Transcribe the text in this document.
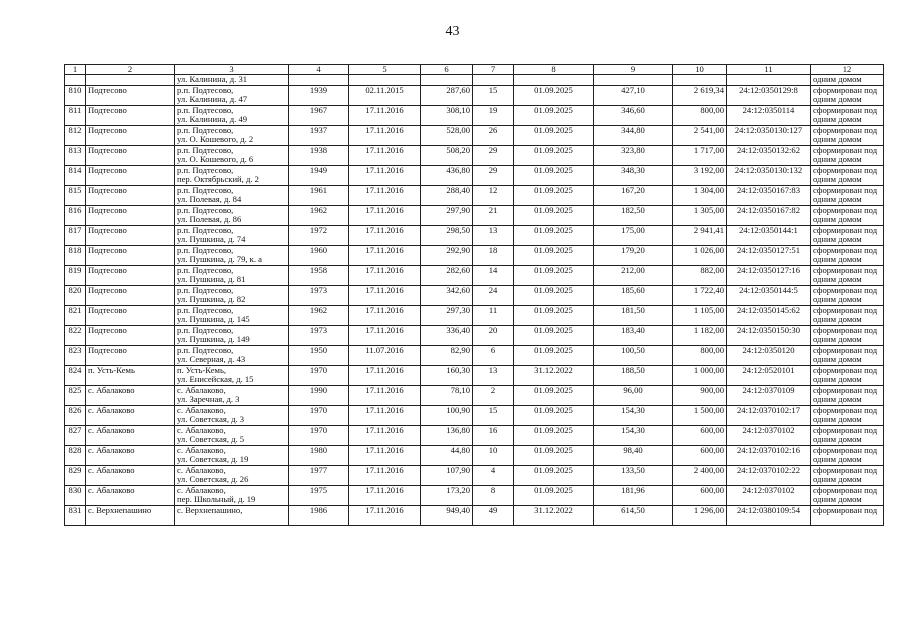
43
1	2	3	4	5	6	7	8	9	10	11	12
		ул. Калинина, д. 31									одним домом
810	Подтесово	р.п. Подтесово,
ул. Калинина, д. 47	1939	02.11.2015	287,60	15	01.09.2025	427,10	2 619,34	24:12:0350129:8	сформирован под
одним домом

811	Подтесово	р.п. Подтесово,
ул. Калинина, д. 49	1967	17.11.2016	308,10	19	01.09.2025	346,60	800,00	24:12:0350114	сформирован под
одним домом

812	Подтесово	р.п. Подтесово,
ул. О. Кошевого, д. 2	1937	17.11.2016	528,00	26	01.09.2025	344,80	2 541,00	24:12:0350130:127	сформирован под
одним домом

813	Подтесово	р.п. Подтесово,
ул. О. Кошевого, д. 6	1938	17.11.2016	508,20	29	01.09.2025	323,80	1 717,00	24:12:0350132:62	сформирован под
одним домом

814	Подтесово	р.п. Подтесово,
пер. Октябрьский, д. 2	1949	17.11.2016	436,80	29	01.09.2025	348,30	3 192,00	24:12:0350130:132	сформирован под
одним домом

815	Подтесово	р.п. Подтесово,
ул. Полевая, д. 84	1961	17.11.2016	288,40	12	01.09.2025	167,20	1 304,00	24:12:0350167:83	сформирован под
одним домом

816	Подтесово	р.п. Подтесово,
ул. Полевая, д. 86	1962	17.11.2016	297,90	21	01.09.2025	182,50	1 305,00	24:12:0350167:82	сформирован под
одним домом

817	Подтесово	р.п. Подтесово,
ул. Пушкина, д. 74	1972	17.11.2016	298,50	13	01.09.2025	175,00	2 941,41	24:12:0350144:1	сформирован под
одним домом

818	Подтесово	р.п. Подтесово,
ул. Пушкина, д. 79, к. а	1960	17.11.2016	292,90	18	01.09.2025	179,20	1 026,00	24:12:0350127:51	сформирован под
одним домом

819	Подтесово	р.п. Подтесово,
ул. Пушкина, д. 81	1958	17.11.2016	282,60	14	01.09.2025	212,00	882,00	24:12:0350127:16	сформирован под
одним домом

820	Подтесово	р.п. Подтесово,
ул. Пушкина, д. 82	1973	17.11.2016	342,60	24	01.09.2025	185,60	1 722,40	24:12:0350144:5	сформирован под
одним домом

821	Подтесово	р.п. Подтесово,
ул. Пушкина, д. 145	1962	17.11.2016	297,30	11	01.09.2025	181,50	1 105,00	24:12:0350145:62	сформирован под
одним домом

822	Подтесово	р.п. Подтесово,
ул. Пушкина, д. 149	1973	17.11.2016	336,40	20	01.09.2025	183,40	1 182,00	24:12:0350150:30	сформирован под
одним домом

823	Подтесово	р.п. Подтесово,
ул. Северная, д. 43	1950	11.07.2016	82,90	6	01.09.2025	100,50	800,00	24:12:0350120	сформирован под
одним домом

824	п. Усть-Кемь	п. Усть-Кемь,
ул. Енисейская, д. 15	1970	17.11.2016	160,30	13	31.12.2022	188,50	1 000,00	24:12:0520101	сформирован под
одним домом

825	с. Абалаково	с. Абалаково,
ул. Заречная, д. 3	1990	17.11.2016	78,10	2	01.09.2025	96,00	900,00	24:12:0370109	сформирован под
одним домом

826	с. Абалаково	с. Абалаково,
ул. Советская, д. 3	1970	17.11.2016	100,90	15	01.09.2025	154,30	1 500,00	24:12:0370102:17	сформирован под
одним домом

827	с. Абалаково	с. Абалаково,
ул. Советская, д. 5	1970	17.11.2016	136,80	16	01.09.2025	154,30	600,00	24:12:0370102	сформирован под
одним домом

828	с. Абалаково	с. Абалаково,
ул. Советская, д. 19	1980	17.11.2016	44,80	10	01.09.2025	98,40	600,00	24:12:0370102:16	сформирован под
одним домом

829	с. Абалаково	с. Абалаково,
ул. Советская, д. 26	1977	17.11.2016	107,90	4	01.09.2025	133,50	2 400,00	24:12:0370102:22	сформирован под
одним домом

830	с. Абалаково	с. Абалаково,
пер. Школьный, д. 19	1975	17.11.2016	173,20	8	01.09.2025	181,96	600,00	24:12:0370102	сформирован под
одним домом

831	с. Верхнепашино	с. Верхнепашино,	1986	17.11.2016	949,40	49	31.12.2022	614,50	1 296,00	24:12:0380109:54	сформирован под
